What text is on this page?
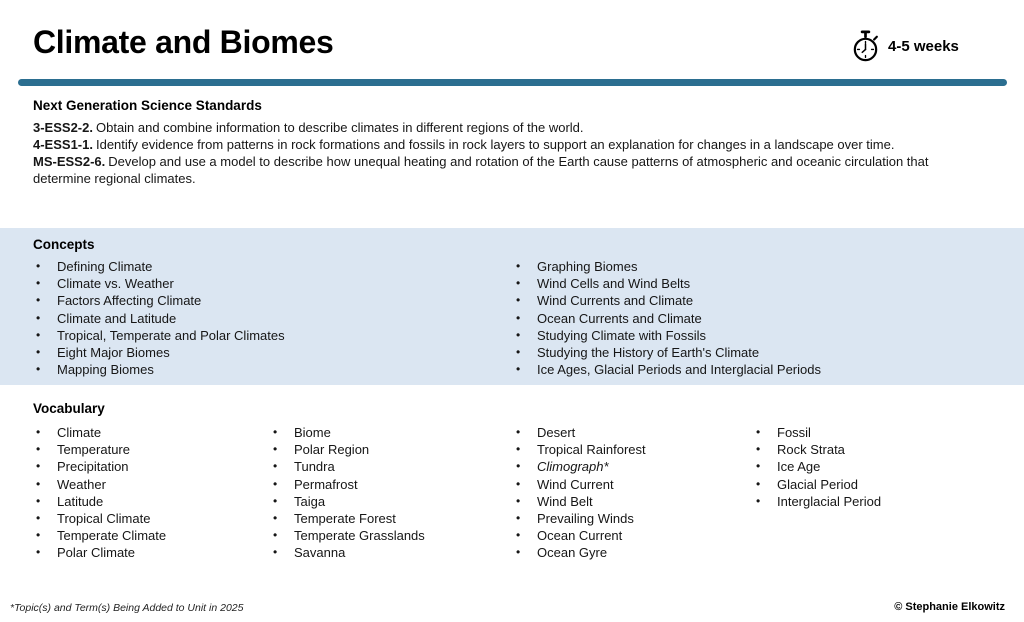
Climate and Biomes	4-5 weeks
Next Generation Science Standards
3-ESS2-2. Obtain and combine information to describe climates in different regions of the world.
4-ESS1-1. Identify evidence from patterns in rock formations and fossils in rock layers to support an explanation for changes in a landscape over time.
MS-ESS2-6. Develop and use a model to describe how unequal heating and rotation of the Earth cause patterns of atmospheric and oceanic circulation that determine regional climates.
Concepts
• Defining Climate
• Climate vs. Weather
• Factors Affecting Climate
• Climate and Latitude
• Tropical, Temperate and Polar Climates
• Eight Major Biomes
• Mapping Biomes
• Graphing Biomes
• Wind Cells and Wind Belts
• Wind Currents and Climate
• Ocean Currents and Climate
• Studying Climate with Fossils
• Studying the History of Earth's Climate
• Ice Ages, Glacial Periods and Interglacial Periods
Vocabulary
• Climate
• Temperature
• Precipitation
• Weather
• Latitude
• Tropical Climate
• Temperate Climate
• Polar Climate
• Biome
• Polar Region
• Tundra
• Permafrost
• Taiga
• Temperate Forest
• Temperate Grasslands
• Savanna
• Desert
• Tropical Rainforest
• Climograph*
• Wind Current
• Wind Belt
• Prevailing Winds
• Ocean Current
• Ocean Gyre
• Fossil
• Rock Strata
• Ice Age
• Glacial Period
• Interglacial Period
*Topic(s) and Term(s) Being Added to Unit in 2025	© Stephanie Elkowitz
